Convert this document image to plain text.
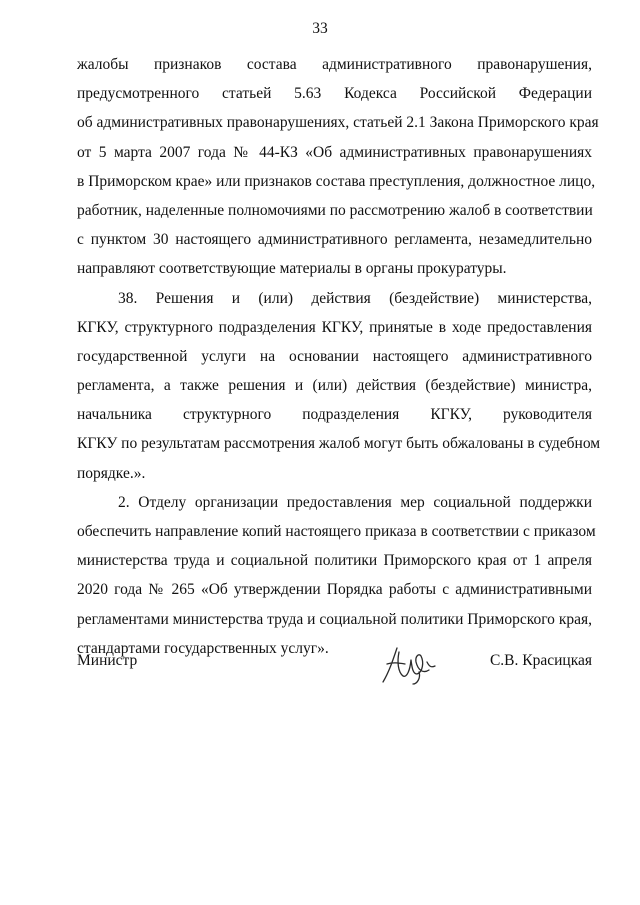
33
жалобы признаков состава административного правонарушения,
предусмотренного статьей 5.63 Кодекса Российской Федерации
об административных правонарушениях, статьей 2.1 Закона Приморского края
от 5 марта 2007 года № 44-КЗ «Об административных правонарушениях
в Приморском крае» или признаков состава преступления, должностное лицо,
работник, наделенные полномочиями по рассмотрению жалоб в соответствии
с пунктом 30 настоящего административного регламента, незамедлительно
направляют соответствующие материалы в органы прокуратуры.
38. Решения и (или) действия (бездействие) министерства,
КГКУ, структурного подразделения КГКУ, принятые в ходе предоставления
государственной услуги на основании настоящего административного
регламента, а также решения и (или) действия (бездействие) министра,
начальника структурного подразделения КГКУ, руководителя
КГКУ по результатам рассмотрения жалоб могут быть обжалованы в судебном
порядке.».
2. Отделу организации предоставления мер социальной поддержки
обеспечить направление копий настоящего приказа в соответствии с приказом
министерства труда и социальной политики Приморского края от 1 апреля
2020 года № 265 «Об утверждении Порядка работы с административными
регламентами министерства труда и социальной политики Приморского края,
стандартами государственных услуг».
Министр	С.В. Красицкая
